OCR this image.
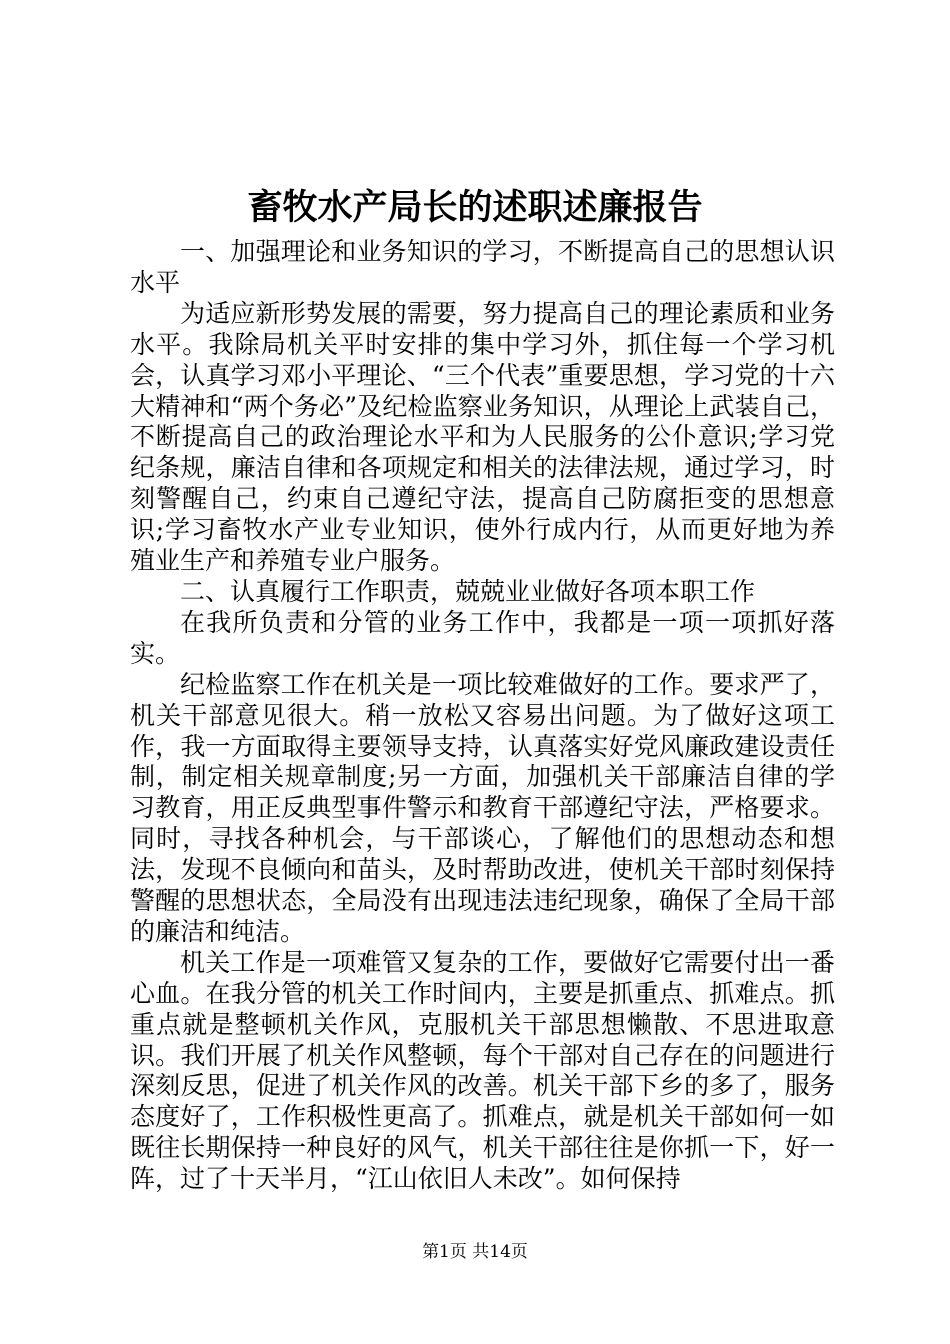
畜牧水产局长的述职述廉报告

一、加强理论和业务知识的学习，不断提高自己的思想认识水平

为适应新形势发展的需要，努力提高自己的理论素质和业务水平。我除局机关平时安排的集中学习外，抓住每一个学习机会，认真学习邓小平理论、“三个代表”重要思想，学习党的十六大精神和“两个务必”及纪检监察业务知识，从理论上武装自己，不断提高自己的政治理论水平和为人民服务的公仆意识;学习党纪条规，廉洁自律和各项规定和相关的法律法规，通过学习，时刻警醒自己，约束自己遵纪守法，提高自己防腐拒变的思想意识;学习畜牧水产业专业知识，使外行成内行，从而更好地为养殖业生产和养殖专业户服务。

二、认真履行工作职责，兢兢业业做好各项本职工作

在我所负责和分管的业务工作中，我都是一项一项抓好落实。

纪检监察工作在机关是一项比较难做好的工作。要求严了，机关干部意见很大。稍一放松又容易出问题。为了做好这项工作，我一方面取得主要领导支持，认真落实好党风廉政建设责任制，制定相关规章制度;另一方面，加强机关干部廉洁自律的学习教育，用正反典型事件警示和教育干部遵纪守法，严格要求。同时，寻找各种机会，与干部谈心，了解他们的思想动态和想法，发现不良倾向和苗头，及时帮助改进，使机关干部时刻保持警醒的思想状态，全局没有出现违法违纪现象，确保了全局干部的廉洁和纯洁。

机关工作是一项难管又复杂的工作，要做好它需要付出一番心血。在我分管的机关工作时间内，主要是抓重点、抓难点。抓重点就是整顿机关作风，克服机关干部思想懒散、不思进取意识。我们开展了机关作风整顿，每个干部对自己存在的问题进行深刻反思，促进了机关作风的改善。机关干部下乡的多了，服务态度好了，工作积极性更高了。抓难点，就是机关干部如何一如既往长期保持一种良好的风气，机关干部往往是你抓一下，好一阵，过了十天半月，“江山依旧人未改”。如何保持

第1页 共14页
